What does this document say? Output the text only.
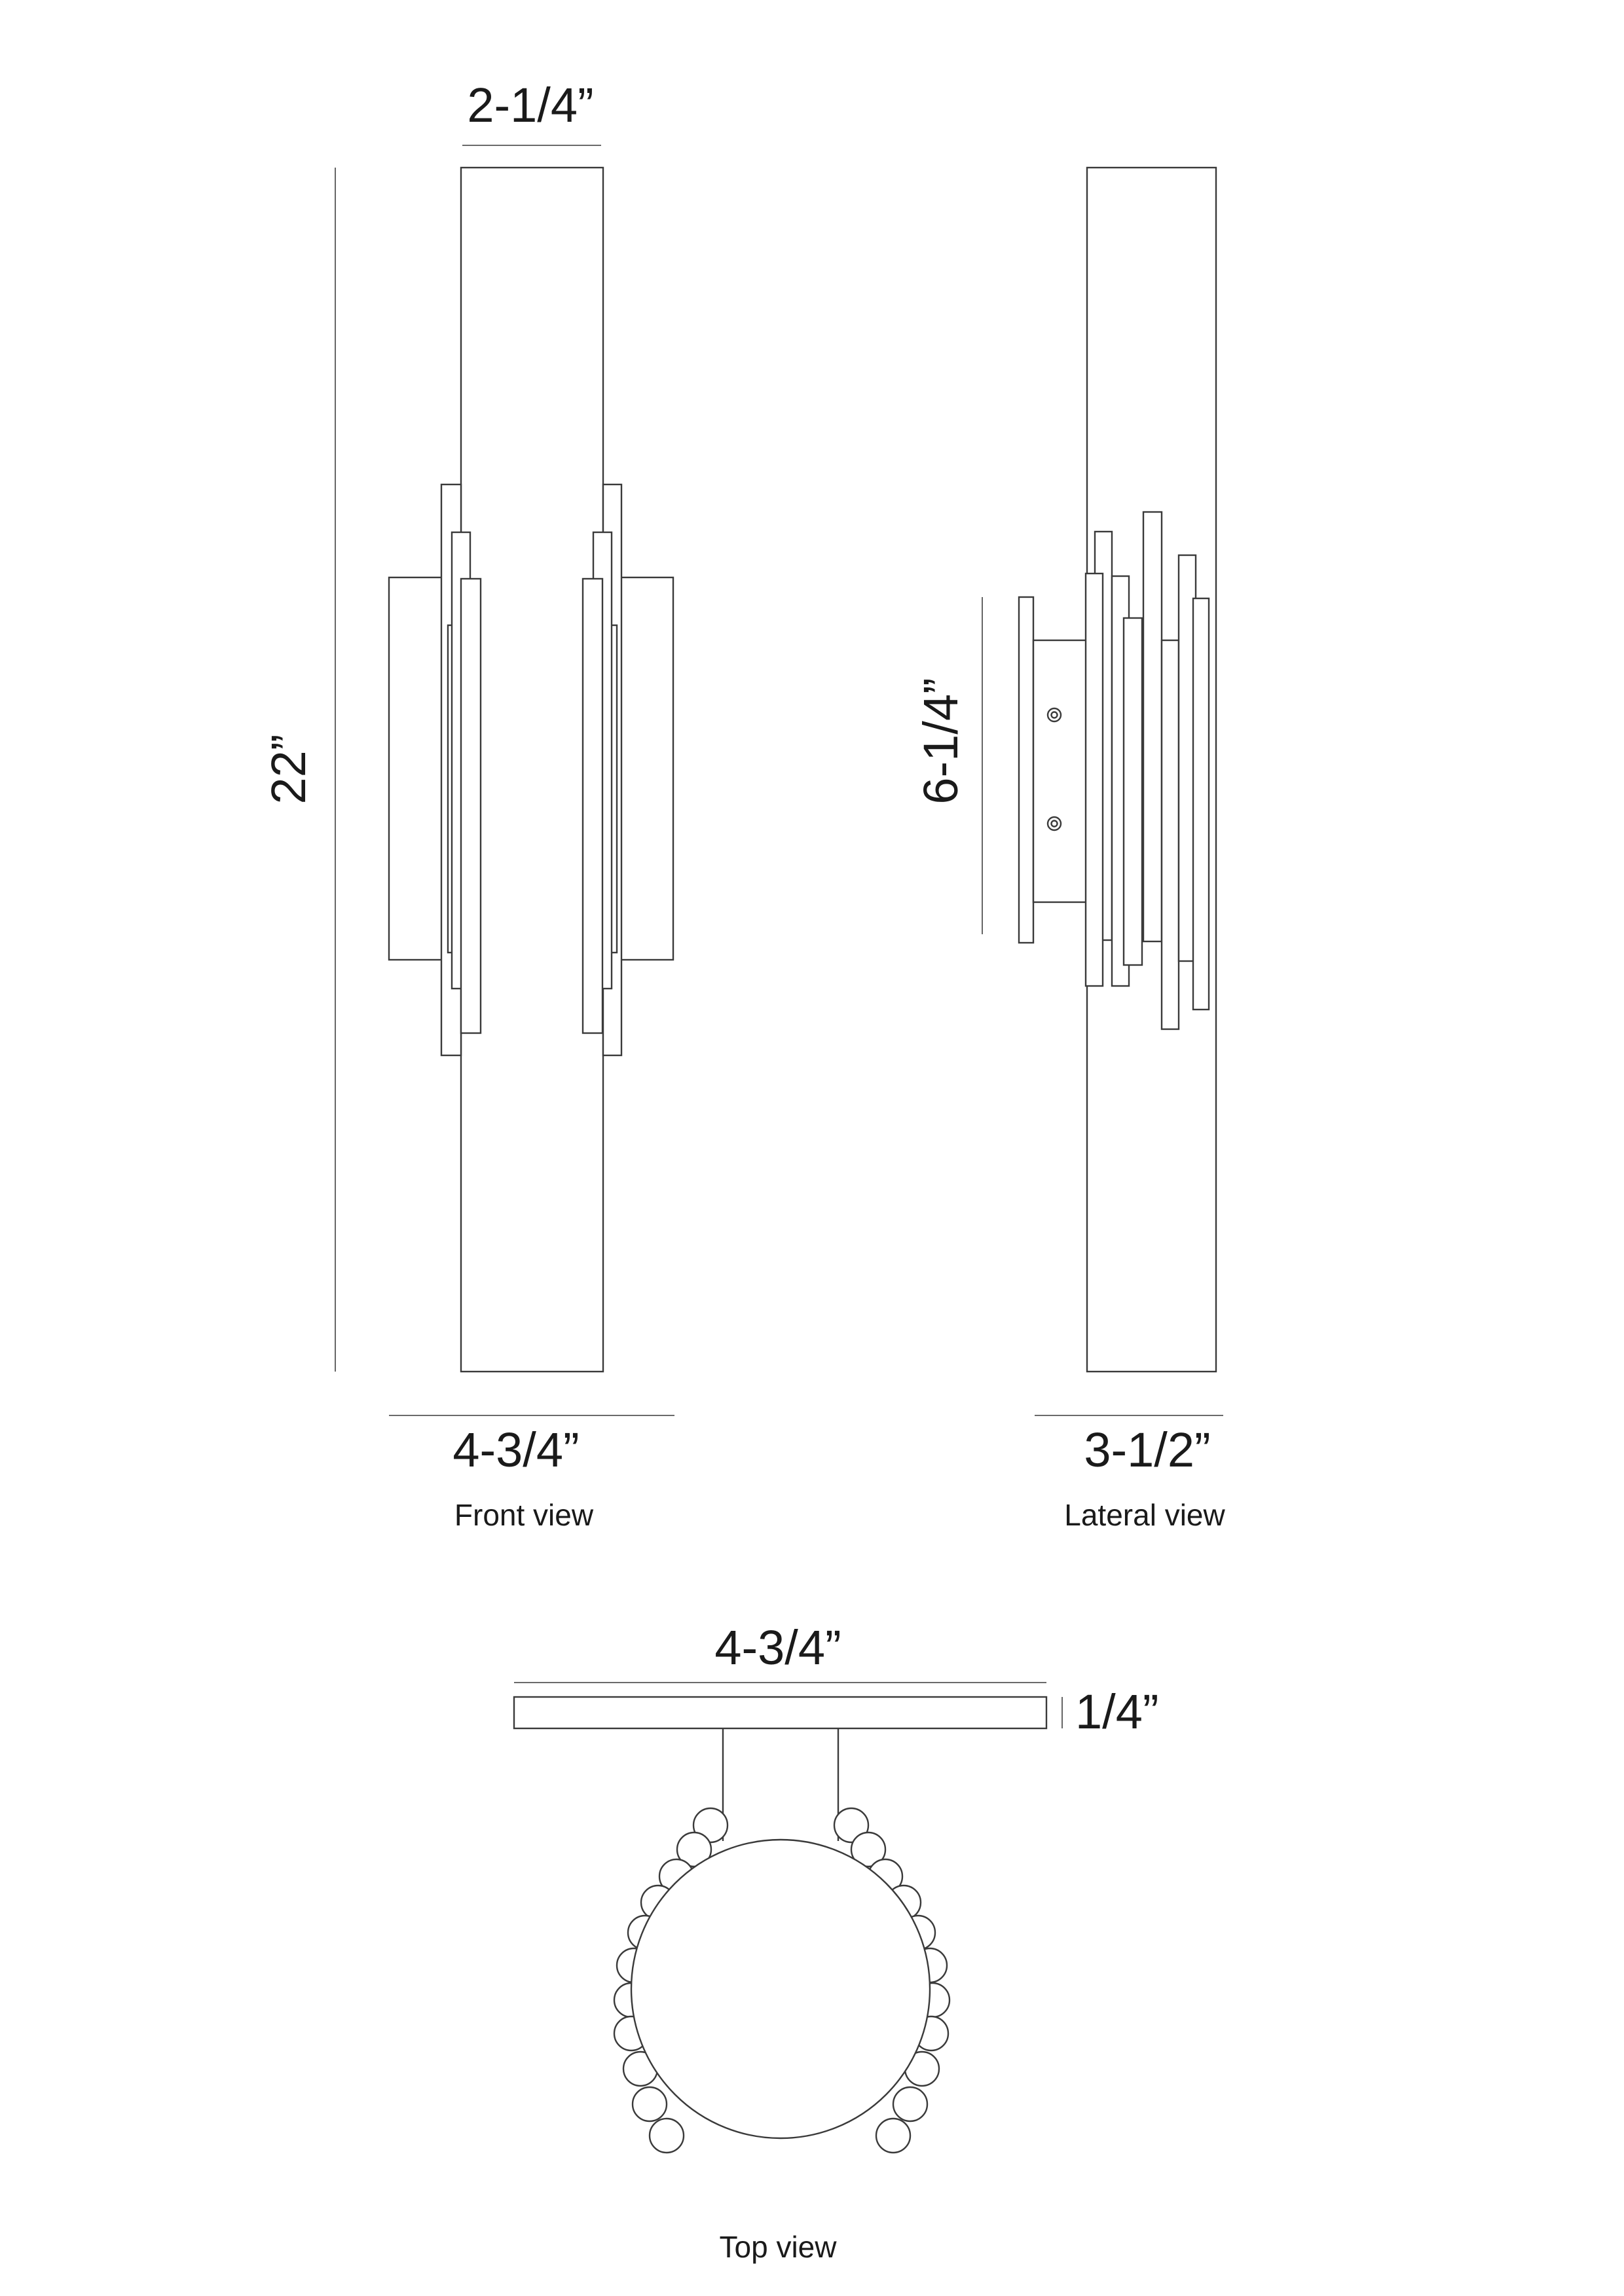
2-1/4”
22”
4-3/4”
Front view
6-1/4”
3-1/2”
Lateral view
4-3/4”
1/4”
Top view
